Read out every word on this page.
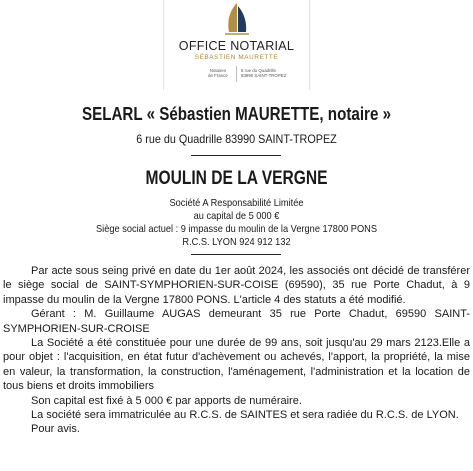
OFFICE NOTARIAL
SÉBASTIEN MAURETTE
Notaires
de France
6 rue du Quadrille
83990 SAINT-TROPEZ
SELARL « Sébastien MAURETTE, notaire »
6 rue du Quadrille 83990 SAINT-TROPEZ
MOULIN DE LA VERGNE
Société A Responsabilité Limitée
au capital de 5 000 €
Siège social actuel : 9 impasse du moulin de la Vergne 17800 PONS
R.C.S. LYON 924 912 132

Par acte sous seing privé en date du 1er août 2024, les associés ont décidé de transférer le siège social de SAINT-SYMPHORIEN-SUR-COISE (69590), 35 rue Porte Chadut, à 9 impasse du moulin de la Vergne 17800 PONS. L'article 4 des statuts a été modifié.

Gérant : M. Guillaume AUGAS demeurant 35 rue Porte Chadut, 69590 SAINT-SYMPHORIEN-SUR-CROISE

La Société a été constituée pour une durée de 99 ans, soit jusqu'au 29 mars 2123.Elle a pour objet : l'acquisition, en état futur d'achèvement ou achevés, l'apport, la propriété, la mise en valeur, la transformation, la construction, l'aménagement, l'administration et la location de tous biens et droits immobiliers

Son capital est fixé à 5 000 € par apports de numéraire.

La société sera immatriculée au R.C.S. de SAINTES et sera radiée du R.C.S. de LYON.

Pour avis.
